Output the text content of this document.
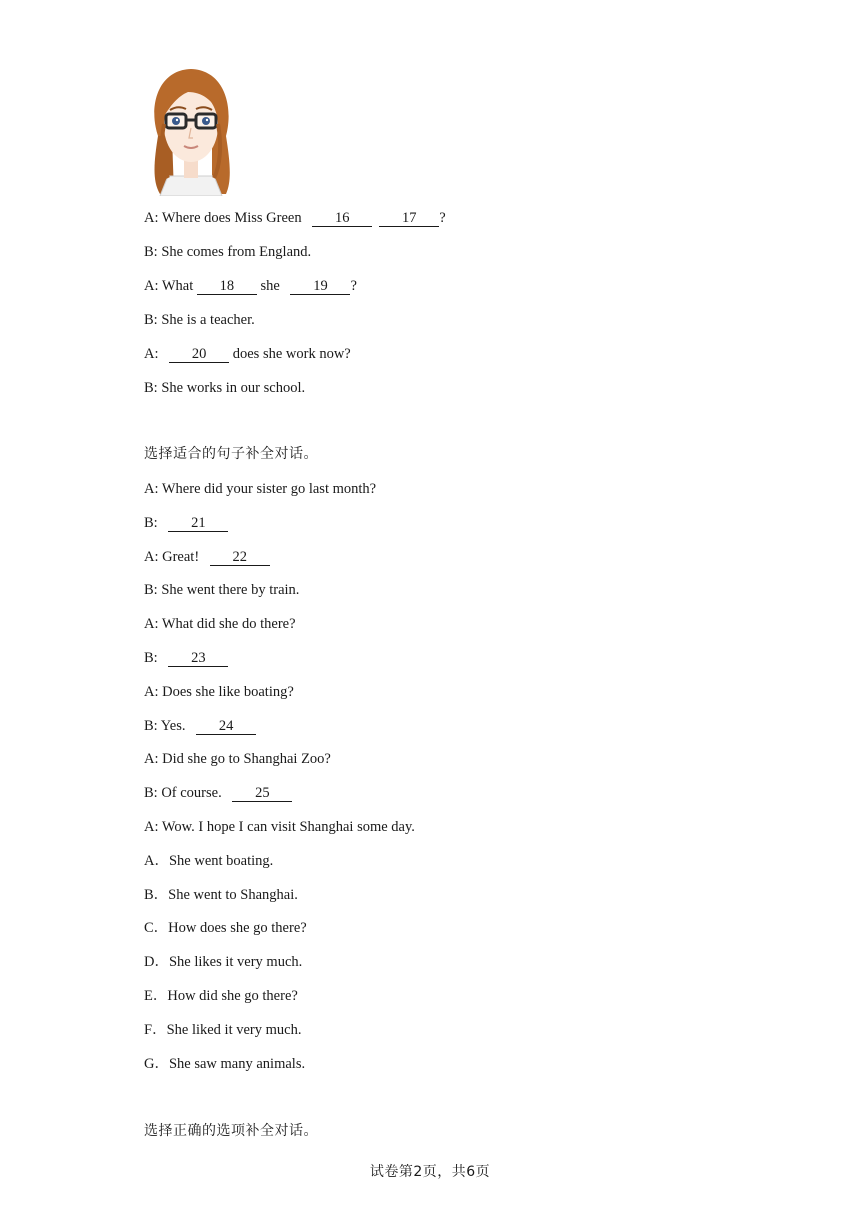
A: Where does Miss Green 16	17 ?
B: She comes from England.
A: What 18 she 19 ?
B: She is a teacher.
A: 20 does she work now?
B: She works in our school.
选择适合的句子补全对话。
A: Where did your sister go last month?
B: 21
A: Great! 22
B: She went there by train.
A: What did she do there?
B: 23
A: Does she like boating?
B: Yes. 24
A: Did she go to Shanghai Zoo?
B: Of course. 25
A: Wow. I hope I can visit Shanghai some day.
A．She went boating.
B．She went to Shanghai.
C．How does she go there?
D．She likes it very much.
E．How did she go there?
F．She liked it very much.
G．She saw many animals.
选择正确的选项补全对话。
试卷第2页，共6页
